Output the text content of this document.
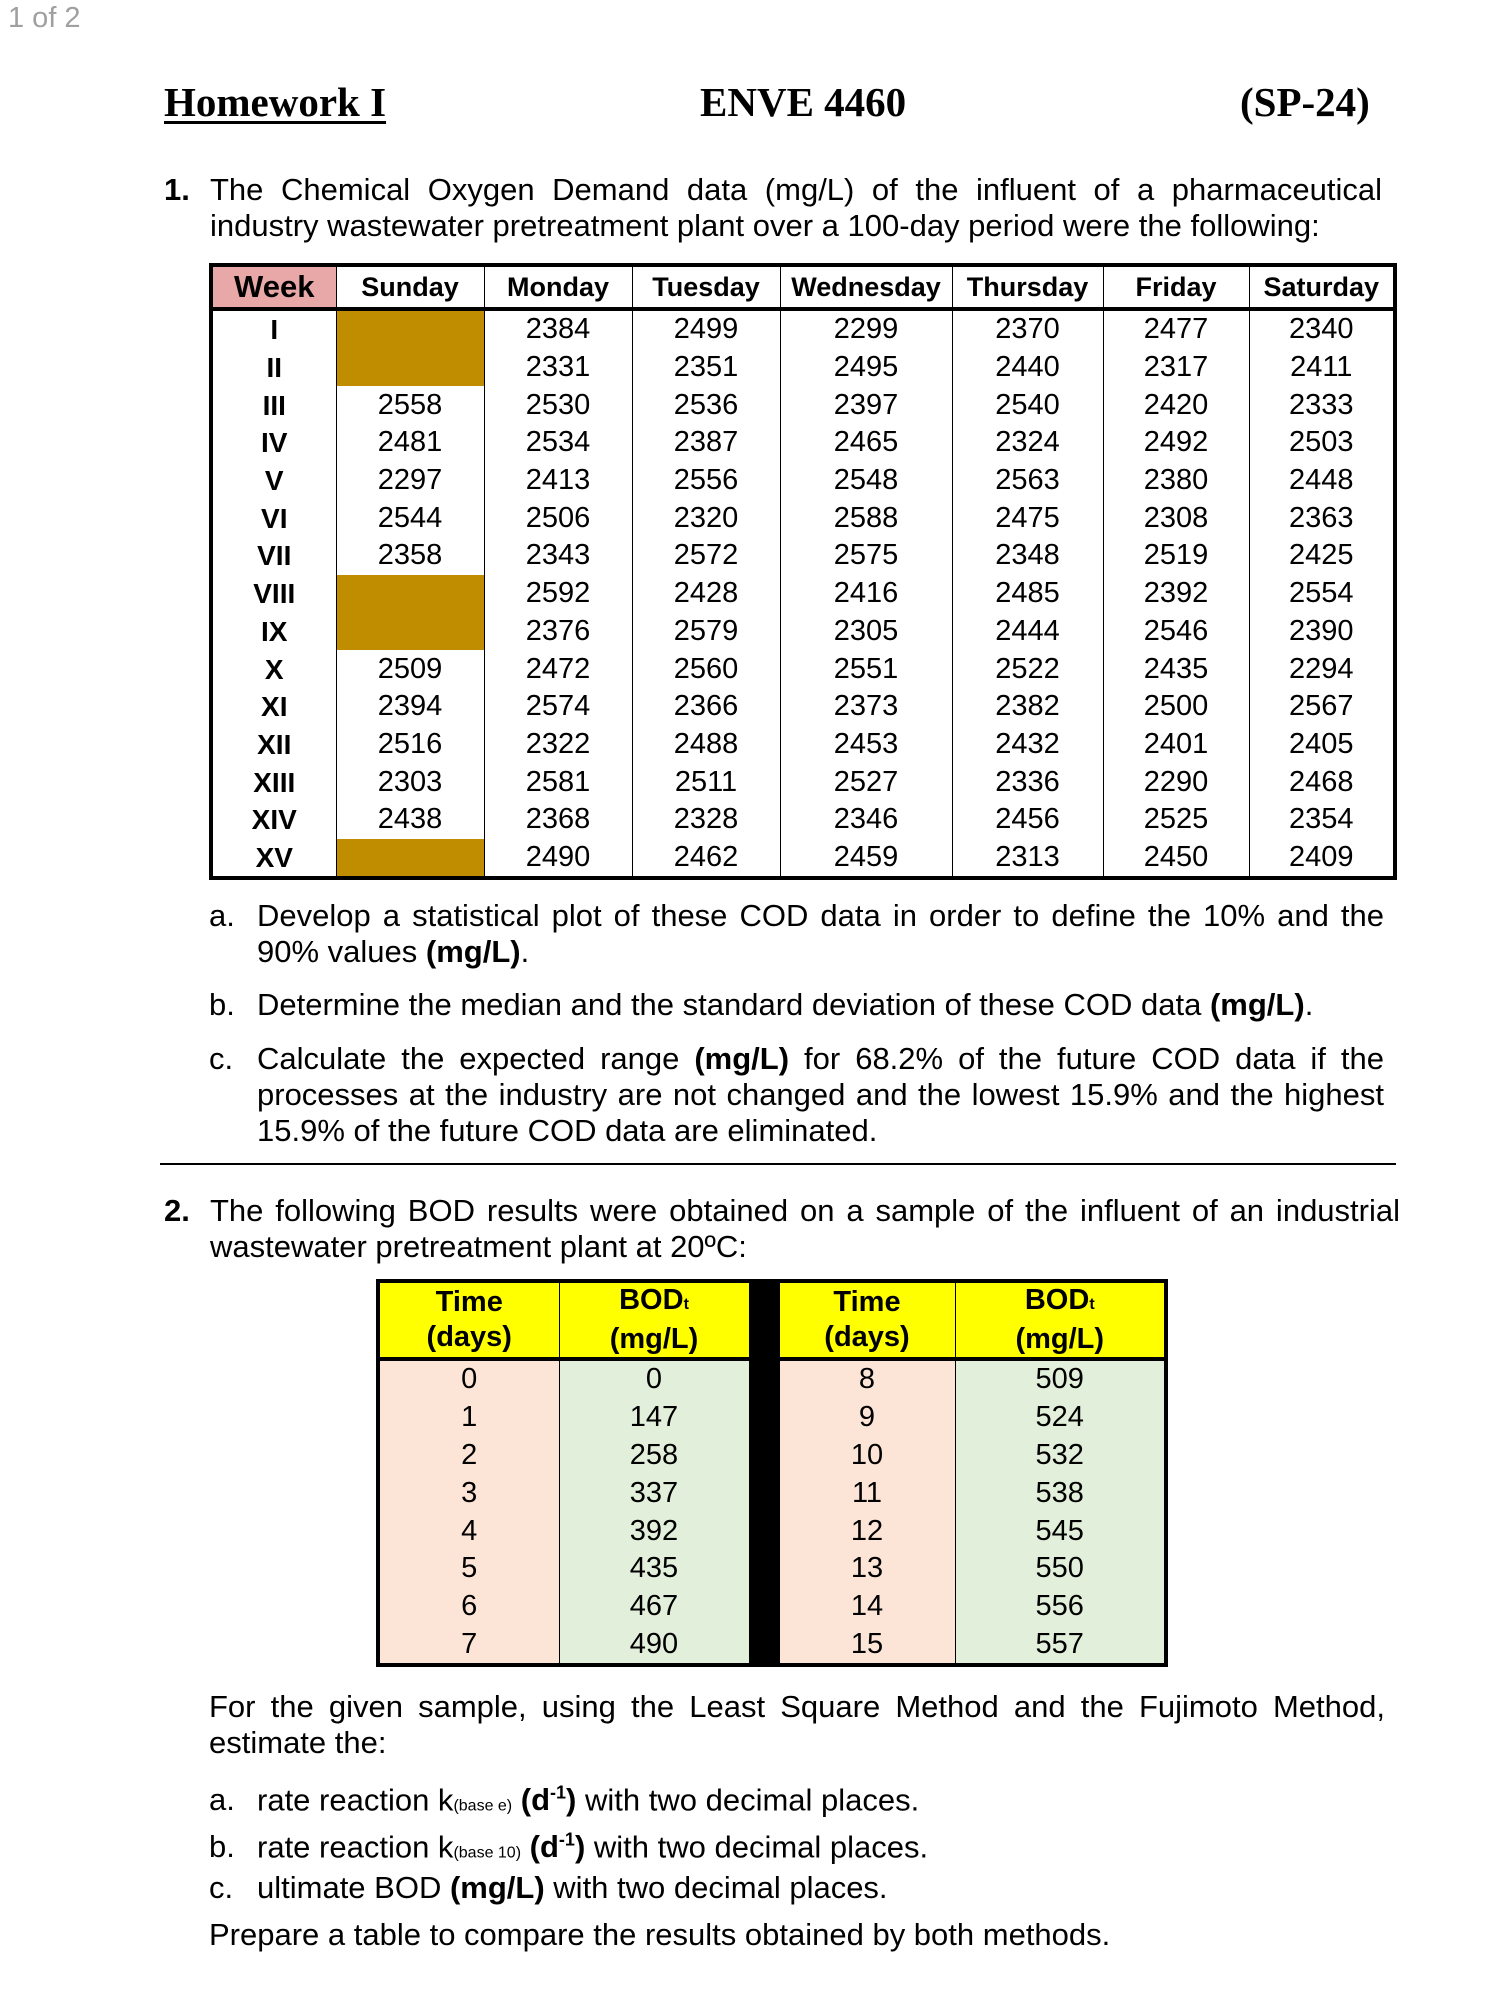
1 of 2
Homework I	ENVE 4460	(SP-24)
1. The Chemical Oxygen Demand data (mg/L) of the influent of a pharmaceutical industry wastewater pretreatment plant over a 100-day period were the following:
Week	Sunday	Monday	Tuesday	Wednesday	Thursday	Friday	Saturday
I		2384	2499	2299	2370	2477	2340
II		2331	2351	2495	2440	2317	2411
III	2558	2530	2536	2397	2540	2420	2333
IV	2481	2534	2387	2465	2324	2492	2503
V	2297	2413	2556	2548	2563	2380	2448
VI	2544	2506	2320	2588	2475	2308	2363
VII	2358	2343	2572	2575	2348	2519	2425
VIII		2592	2428	2416	2485	2392	2554
IX		2376	2579	2305	2444	2546	2390
X	2509	2472	2560	2551	2522	2435	2294
XI	2394	2574	2366	2373	2382	2500	2567
XII	2516	2322	2488	2453	2432	2401	2405
XIII	2303	2581	2511	2527	2336	2290	2468
XIV	2438	2368	2328	2346	2456	2525	2354
XV		2490	2462	2459	2313	2450	2409
a. Develop a statistical plot of these COD data in order to define the 10% and the 90% values (mg/L).
b. Determine the median and the standard deviation of these COD data (mg/L).
c. Calculate the expected range (mg/L) for 68.2% of the future COD data if the processes at the industry are not changed and the lowest 15.9% and the highest 15.9% of the future COD data are eliminated.
2. The following BOD results were obtained on a sample of the influent of an industrial wastewater pretreatment plant at 20ºC:
Time
(days)	BODt
(mg/L)		Time
(days)	BODt
(mg/L)
0	0		8	509
1	147		9	524
2	258		10	532
3	337		11	538
4	392		12	545
5	435		13	550
6	467		14	556
7	490		15	557
For the given sample, using the Least Square Method and the Fujimoto Method, estimate the:
a. rate reaction k(base e) $(d^{-1})$ with two decimal places.
b. rate reaction k(base 10) $(d^{-1})$ with two decimal places.
c. ultimate BOD (mg/L) with two decimal places.
Prepare a table to compare the results obtained by both methods.
